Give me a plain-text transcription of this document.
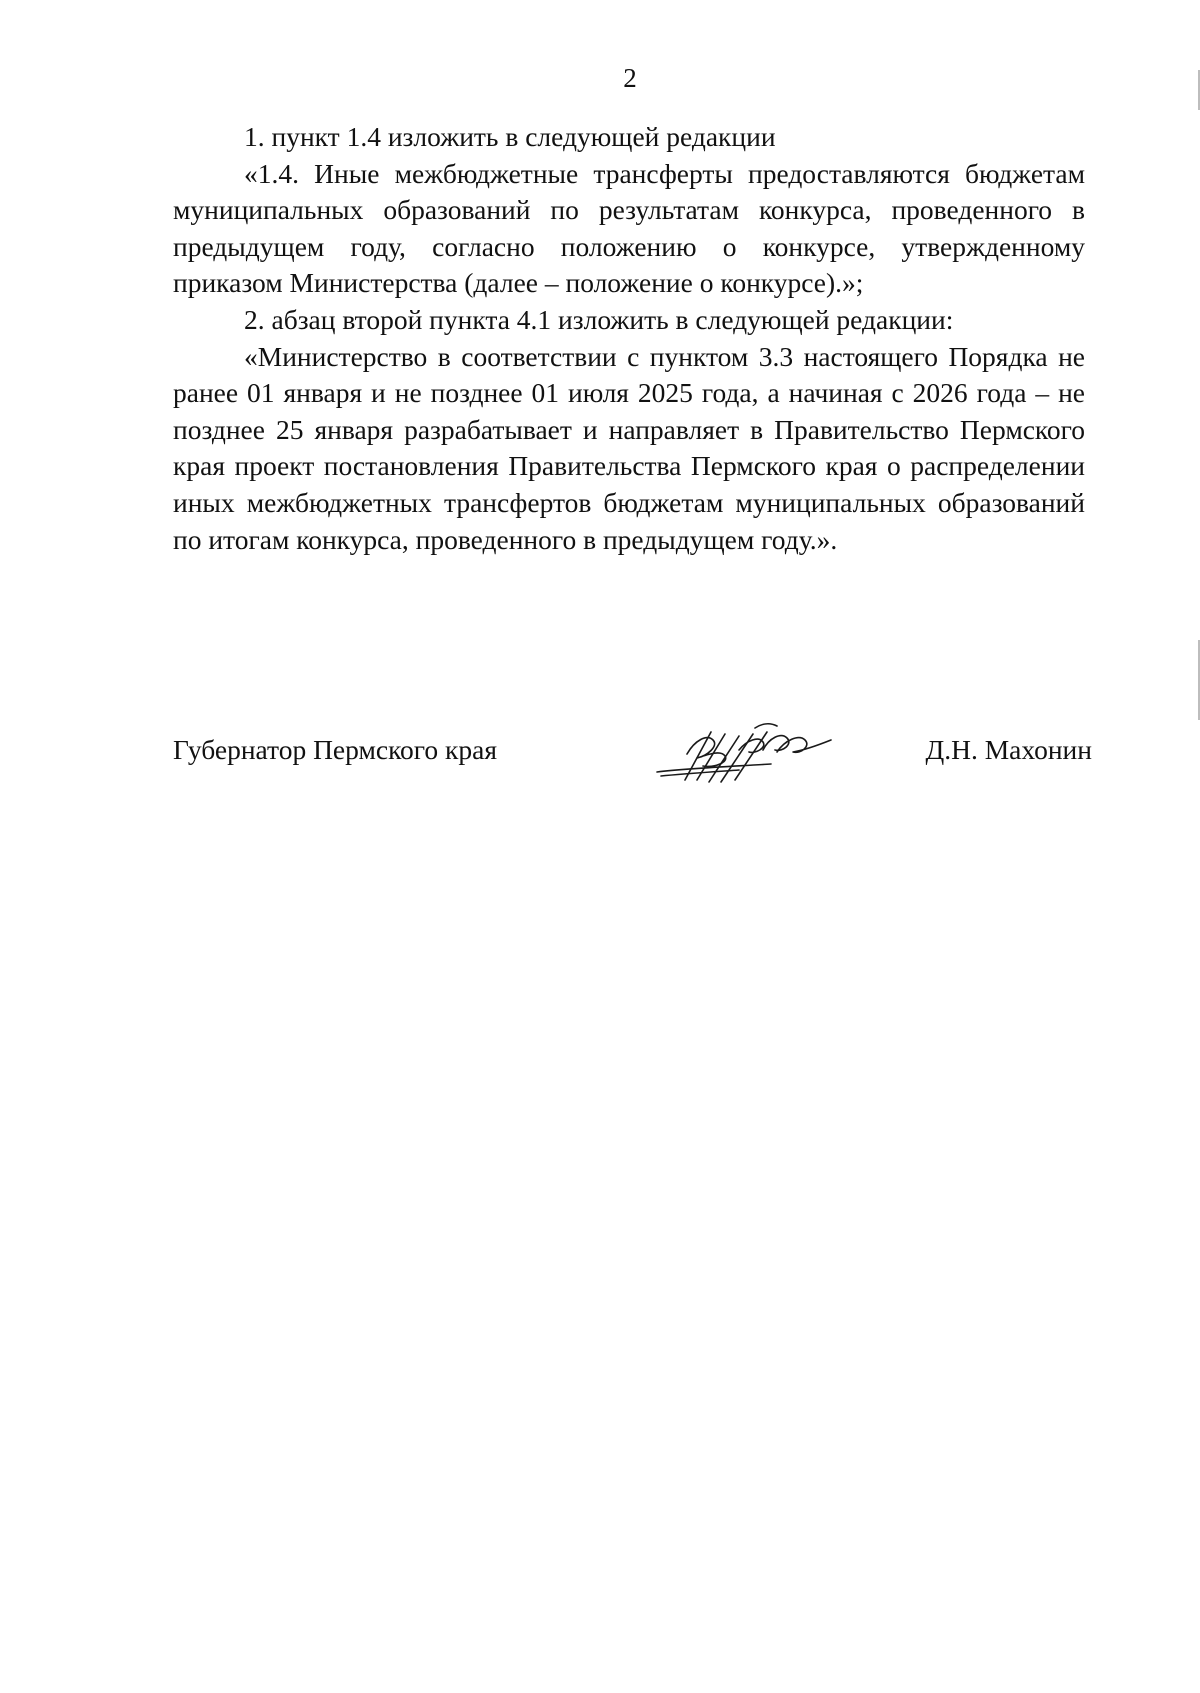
2

1. пункт 1.4 изложить в следующей редакции

«1.4. Иные межбюджетные трансферты предоставляются бюджетам муниципальных образований по результатам конкурса, проведенного в предыдущем году, согласно положению о конкурсе, утвержденному приказом Министерства (далее – положение о конкурсе).»;

2. абзац второй пункта 4.1 изложить в следующей редакции:

«Министерство в соответствии с пунктом 3.3 настоящего Порядка не ранее 01 января и не позднее 01 июля 2025 года, а начиная с 2026 года – не позднее 25 января разрабатывает и направляет в Правительство Пермского края проект постановления Правительства Пермского края о распределении иных межбюджетных трансфертов бюджетам муниципальных образований по итогам конкурса, проведенного в предыдущем году.».

Губернатор Пермского края	Д.Н. Махонин
